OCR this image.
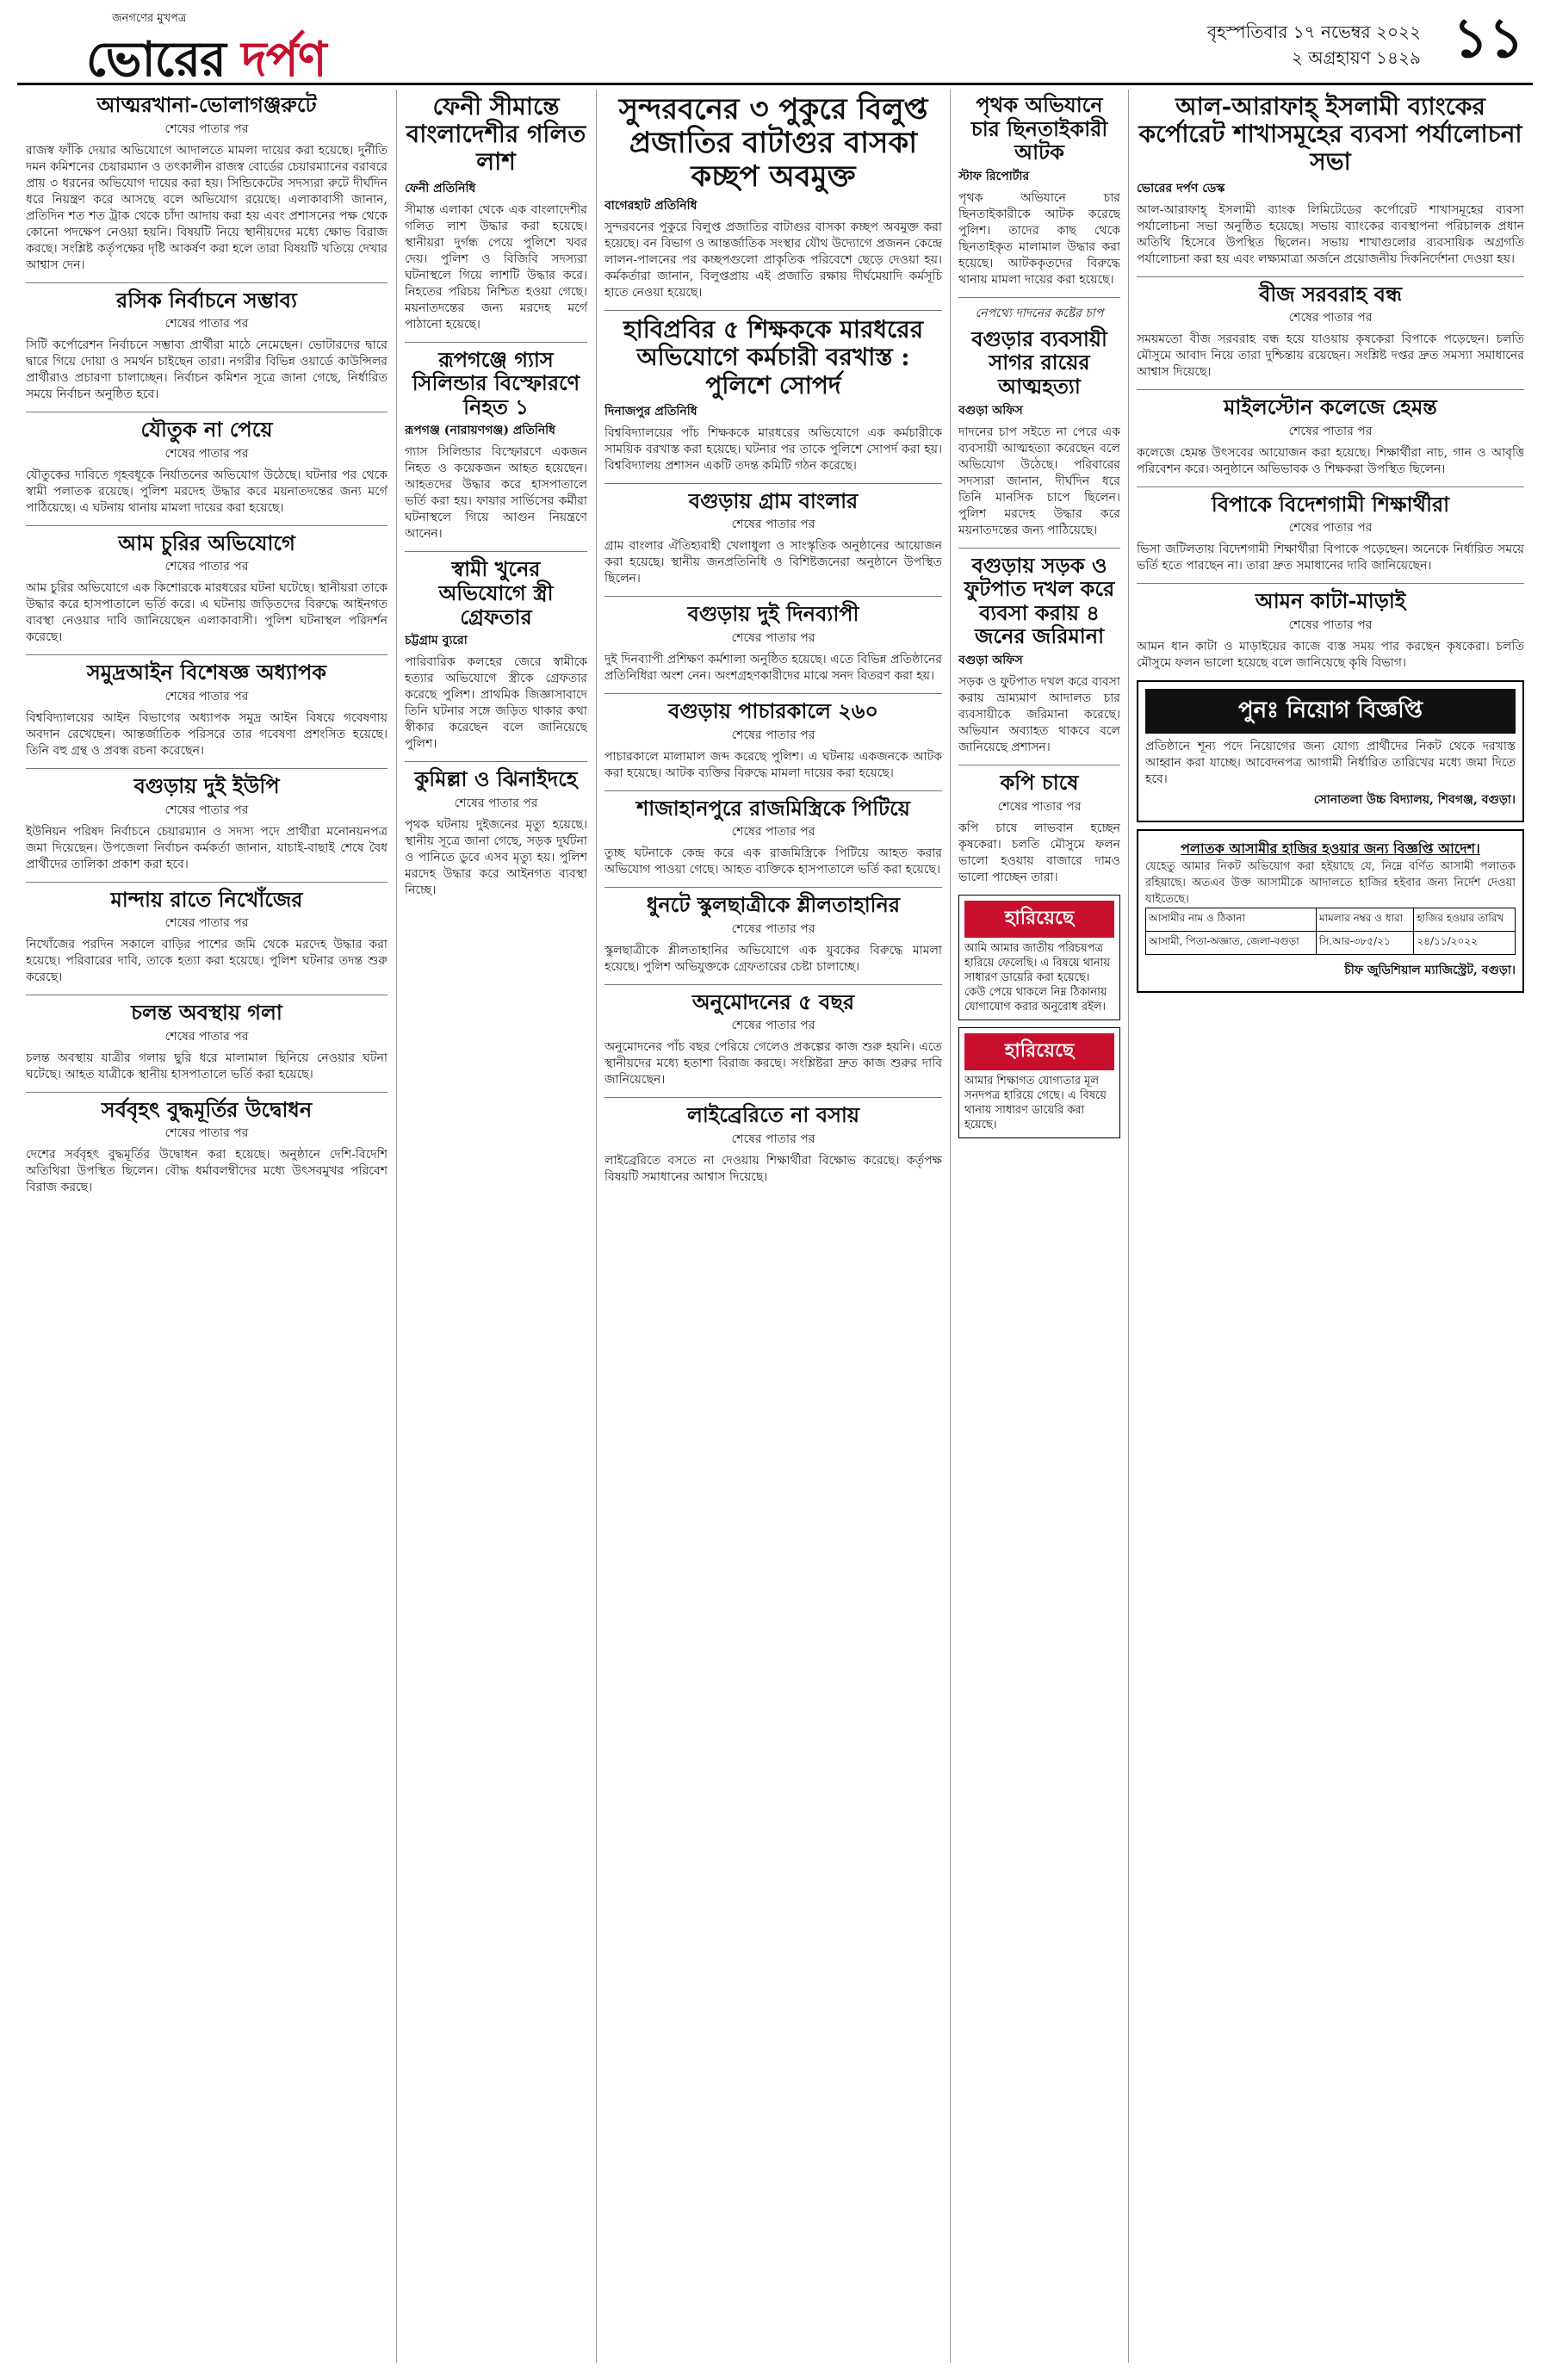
জনগণের মুখপত্র
ভোরের দর্পণ	বৃহস্পতিবার ১৭ নভেম্বর ২০২২
২ অগ্রহায়ণ ১৪২৯ ১১
আত্মরখানা-ভোলাগঞ্জরুটে
শেষের পাতার পর

রাজস্ব ফাঁকি দেয়ার অভিযোগে আদালতে মামলা দায়ের করা হয়েছে। দুর্নীতি দমন কমিশনের চেয়ারম্যান ও তৎকালীন রাজস্ব বোর্ডের চেয়ারম্যানের বরাবরে প্রায় ৩ ধরনের অভিযোগ দায়ের করা হয়। সিন্ডিকেটের সদস্যরা রুটে দীর্ঘদিন ধরে নিয়ন্ত্রণ করে আসছে বলে অভিযোগ রয়েছে। এলাকাবাসী জানান, প্রতিদিন শত শত ট্রাক থেকে চাঁদা আদায় করা হয় এবং প্রশাসনের পক্ষ থেকে কোনো পদক্ষেপ নেওয়া হয়নি। বিষয়টি নিয়ে স্থানীয়দের মধ্যে ক্ষোভ বিরাজ করছে। সংশ্লিষ্ট কর্তৃপক্ষের দৃষ্টি আকর্ষণ করা হলে তারা বিষয়টি খতিয়ে দেখার আশ্বাস দেন।

রসিক নির্বাচনে সম্ভাব্য
শেষের পাতার পর

সিটি কর্পোরেশন নির্বাচনে সম্ভাব্য প্রার্থীরা মাঠে নেমেছেন। ভোটারদের দ্বারে দ্বারে গিয়ে দোয়া ও সমর্থন চাইছেন তারা। নগরীর বিভিন্ন ওয়ার্ডে কাউন্সিলর প্রার্থীরাও প্রচারণা চালাচ্ছেন। নির্বাচন কমিশন সূত্রে জানা গেছে, নির্ধারিত সময়ে নির্বাচন অনুষ্ঠিত হবে।

যৌতুক না পেয়ে
শেষের পাতার পর

যৌতুকের দাবিতে গৃহবধূকে নির্যাতনের অভিযোগ উঠেছে। ঘটনার পর থেকে স্বামী পলাতক রয়েছে। পুলিশ মরদেহ উদ্ধার করে ময়নাতদন্তের জন্য মর্গে পাঠিয়েছে। এ ঘটনায় থানায় মামলা দায়ের করা হয়েছে।

আম চুরির অভিযোগে
শেষের পাতার পর

আম চুরির অভিযোগে এক কিশোরকে মারধরের ঘটনা ঘটেছে। স্থানীয়রা তাকে উদ্ধার করে হাসপাতালে ভর্তি করে। এ ঘটনায় জড়িতদের বিরুদ্ধে আইনগত ব্যবস্থা নেওয়ার দাবি জানিয়েছেন এলাকাবাসী। পুলিশ ঘটনাস্থল পরিদর্শন করেছে।

সমুদ্রআইন বিশেষজ্ঞ অধ্যাপক
শেষের পাতার পর

বিশ্ববিদ্যালয়ের আইন বিভাগের অধ্যাপক সমুদ্র আইন বিষয়ে গবেষণায় অবদান রেখেছেন। আন্তর্জাতিক পরিসরে তার গবেষণা প্রশংসিত হয়েছে। তিনি বহু গ্রন্থ ও প্রবন্ধ রচনা করেছেন।

বগুড়ায় দুই ইউপি
শেষের পাতার পর

ইউনিয়ন পরিষদ নির্বাচনে চেয়ারম্যান ও সদস্য পদে প্রার্থীরা মনোনয়নপত্র জমা দিয়েছেন। উপজেলা নির্বাচন কর্মকর্তা জানান, যাচাই-বাছাই শেষে বৈধ প্রার্থীদের তালিকা প্রকাশ করা হবে।

মান্দায় রাতে নিখোঁজের
শেষের পাতার পর

নিখোঁজের পরদিন সকালে বাড়ির পাশের জমি থেকে মরদেহ উদ্ধার করা হয়েছে। পরিবারের দাবি, তাকে হত্যা করা হয়েছে। পুলিশ ঘটনার তদন্ত শুরু করেছে।

চলন্ত অবস্থায় গলা
শেষের পাতার পর

চলন্ত অবস্থায় যাত্রীর গলায় ছুরি ধরে মালামাল ছিনিয়ে নেওয়ার ঘটনা ঘটেছে। আহত যাত্রীকে স্থানীয় হাসপাতালে ভর্তি করা হয়েছে।

সর্ববৃহৎ বুদ্ধমূর্তির উদ্বোধন
শেষের পাতার পর

দেশের সর্ববৃহৎ বুদ্ধমূর্তির উদ্বোধন করা হয়েছে। অনুষ্ঠানে দেশি-বিদেশি অতিথিরা উপস্থিত ছিলেন। বৌদ্ধ ধর্মাবলম্বীদের মধ্যে উৎসবমুখর পরিবেশ বিরাজ করছে।

ফেনী সীমান্তে বাংলাদেশীর গলিত লাশ
ফেনী প্রতিনিধি

সীমান্ত এলাকা থেকে এক বাংলাদেশীর গলিত লাশ উদ্ধার করা হয়েছে। স্থানীয়রা দুর্গন্ধ পেয়ে পুলিশে খবর দেয়। পুলিশ ও বিজিবি সদস্যরা ঘটনাস্থলে গিয়ে লাশটি উদ্ধার করে। নিহতের পরিচয় নিশ্চিত হওয়া গেছে। ময়নাতদন্তের জন্য মরদেহ মর্গে পাঠানো হয়েছে।

রূপগঞ্জে গ্যাস সিলিন্ডার বিস্ফোরণে নিহত ১
রূপগঞ্জ (নারায়ণগঞ্জ) প্রতিনিধি

গ্যাস সিলিন্ডার বিস্ফোরণে একজন নিহত ও কয়েকজন আহত হয়েছেন। আহতদের উদ্ধার করে হাসপাতালে ভর্তি করা হয়। ফায়ার সার্ভিসের কর্মীরা ঘটনাস্থলে গিয়ে আগুন নিয়ন্ত্রণে আনেন।

স্বামী খুনের অভিযোগে স্ত্রী গ্রেফতার
চট্টগ্রাম ব্যুরো

পারিবারিক কলহের জেরে স্বামীকে হত্যার অভিযোগে স্ত্রীকে গ্রেফতার করেছে পুলিশ। প্রাথমিক জিজ্ঞাসাবাদে তিনি ঘটনার সঙ্গে জড়িত থাকার কথা স্বীকার করেছেন বলে জানিয়েছে পুলিশ।

কুমিল্লা ও ঝিনাইদহে
শেষের পাতার পর

পৃথক ঘটনায় দুইজনের মৃত্যু হয়েছে। স্থানীয় সূত্রে জানা গেছে, সড়ক দুর্ঘটনা ও পানিতে ডুবে এসব মৃত্যু হয়। পুলিশ মরদেহ উদ্ধার করে আইনগত ব্যবস্থা নিচ্ছে।

সুন্দরবনের ৩ পুকুরে বিলুপ্ত প্রজাতির বাটাগুর বাসকা কচ্ছপ অবমুক্ত
বাগেরহাট প্রতিনিধি

সুন্দরবনের পুকুরে বিলুপ্ত প্রজাতির বাটাগুর বাসকা কচ্ছপ অবমুক্ত করা হয়েছে। বন বিভাগ ও আন্তর্জাতিক সংস্থার যৌথ উদ্যোগে প্রজনন কেন্দ্রে লালন-পালনের পর কচ্ছপগুলো প্রাকৃতিক পরিবেশে ছেড়ে দেওয়া হয়। কর্মকর্তারা জানান, বিলুপ্তপ্রায় এই প্রজাতি রক্ষায় দীর্ঘমেয়াদি কর্মসূচি হাতে নেওয়া হয়েছে।

হাবিপ্রবির ৫ শিক্ষককে মারধরের অভিযোগে কর্মচারী বরখাস্ত : পুলিশে সোপর্দ
দিনাজপুর প্রতিনিধি

বিশ্ববিদ্যালয়ের পাঁচ শিক্ষককে মারধরের অভিযোগে এক কর্মচারীকে সাময়িক বরখাস্ত করা হয়েছে। ঘটনার পর তাকে পুলিশে সোপর্দ করা হয়। বিশ্ববিদ্যালয় প্রশাসন একটি তদন্ত কমিটি গঠন করেছে।

বগুড়ায় গ্রাম বাংলার
শেষের পাতার পর

গ্রাম বাংলার ঐতিহ্যবাহী খেলাধুলা ও সাংস্কৃতিক অনুষ্ঠানের আয়োজন করা হয়েছে। স্থানীয় জনপ্রতিনিধি ও বিশিষ্টজনেরা অনুষ্ঠানে উপস্থিত ছিলেন।

বগুড়ায় দুই দিনব্যাপী
শেষের পাতার পর

দুই দিনব্যাপী প্রশিক্ষণ কর্মশালা অনুষ্ঠিত হয়েছে। এতে বিভিন্ন প্রতিষ্ঠানের প্রতিনিধিরা অংশ নেন। অংশগ্রহণকারীদের মাঝে সনদ বিতরণ করা হয়।

বগুড়ায় পাচারকালে ২৬০
শেষের পাতার পর

পাচারকালে মালামাল জব্দ করেছে পুলিশ। এ ঘটনায় একজনকে আটক করা হয়েছে। আটক ব্যক্তির বিরুদ্ধে মামলা দায়ের করা হয়েছে।

শাজাহানপুরে রাজমিস্ত্রিকে পিটিয়ে
শেষের পাতার পর

তুচ্ছ ঘটনাকে কেন্দ্র করে এক রাজমিস্ত্রিকে পিটিয়ে আহত করার অভিযোগ পাওয়া গেছে। আহত ব্যক্তিকে হাসপাতালে ভর্তি করা হয়েছে।

ধুনটে স্কুলছাত্রীকে শ্লীলতাহানির
শেষের পাতার পর

স্কুলছাত্রীকে শ্লীলতাহানির অভিযোগে এক যুবকের বিরুদ্ধে মামলা হয়েছে। পুলিশ অভিযুক্তকে গ্রেফতারের চেষ্টা চালাচ্ছে।

অনুমোদনের ৫ বছর
শেষের পাতার পর

অনুমোদনের পাঁচ বছর পেরিয়ে গেলেও প্রকল্পের কাজ শুরু হয়নি। এতে স্থানীয়দের মধ্যে হতাশা বিরাজ করছে। সংশ্লিষ্টরা দ্রুত কাজ শুরুর দাবি জানিয়েছেন।

লাইব্রেরিতে না বসায়
শেষের পাতার পর

লাইব্রেরিতে বসতে না দেওয়ায় শিক্ষার্থীরা বিক্ষোভ করেছে। কর্তৃপক্ষ বিষয়টি সমাধানের আশ্বাস দিয়েছে।

পৃথক অভিযানে চার ছিনতাইকারী আটক
স্টাফ রিপোর্টার

পৃথক অভিযানে চার ছিনতাইকারীকে আটক করেছে পুলিশ। তাদের কাছ থেকে ছিনতাইকৃত মালামাল উদ্ধার করা হয়েছে। আটককৃতদের বিরুদ্ধে থানায় মামলা দায়ের করা হয়েছে।

নেপথ্যে দাদনের কষ্টের চাপ
বগুড়ার ব্যবসায়ী সাগর রায়ের আত্মহত্যা
বগুড়া অফিস

দাদনের চাপ সইতে না পেরে এক ব্যবসায়ী আত্মহত্যা করেছেন বলে অভিযোগ উঠেছে। পরিবারের সদস্যরা জানান, দীর্ঘদিন ধরে তিনি মানসিক চাপে ছিলেন। পুলিশ মরদেহ উদ্ধার করে ময়নাতদন্তের জন্য পাঠিয়েছে।

বগুড়ায় সড়ক ও ফুটপাত দখল করে ব্যবসা করায় ৪ জনের জরিমানা
বগুড়া অফিস

সড়ক ও ফুটপাত দখল করে ব্যবসা করায় ভ্রাম্যমাণ আদালত চার ব্যবসায়ীকে জরিমানা করেছে। অভিযান অব্যাহত থাকবে বলে জানিয়েছে প্রশাসন।

কপি চাষে
শেষের পাতার পর

কপি চাষে লাভবান হচ্ছেন কৃষকেরা। চলতি মৌসুমে ফলন ভালো হওয়ায় বাজারে দামও ভালো পাচ্ছেন তারা।

হারিয়েছে
আমি আমার জাতীয় পরিচয়পত্র হারিয়ে ফেলেছি। এ বিষয়ে থানায় সাধারণ ডায়েরি করা হয়েছে। কেউ পেয়ে থাকলে নিম্ন ঠিকানায় যোগাযোগ করার অনুরোধ রইল।
হারিয়েছে
আমার শিক্ষাগত যোগ্যতার মূল সনদপত্র হারিয়ে গেছে। এ বিষয়ে থানায় সাধারণ ডায়েরি করা হয়েছে।
আল-আরাফাহ্ ইসলামী ব্যাংকের কর্পোরেট শাখাসমূহের ব্যবসা পর্যালোচনা সভা
ভোরের দর্পণ ডেস্ক

আল-আরাফাহ্ ইসলামী ব্যাংক লিমিটেডের কর্পোরেট শাখাসমূহের ব্যবসা পর্যালোচনা সভা অনুষ্ঠিত হয়েছে। সভায় ব্যাংকের ব্যবস্থাপনা পরিচালক প্রধান অতিথি হিসেবে উপস্থিত ছিলেন। সভায় শাখাগুলোর ব্যবসায়িক অগ্রগতি পর্যালোচনা করা হয় এবং লক্ষ্যমাত্রা অর্জনে প্রয়োজনীয় দিকনির্দেশনা দেওয়া হয়।

বীজ সরবরাহ বন্ধ
শেষের পাতার পর

সময়মতো বীজ সরবরাহ বন্ধ হয়ে যাওয়ায় কৃষকেরা বিপাকে পড়েছেন। চলতি মৌসুমে আবাদ নিয়ে তারা দুশ্চিন্তায় রয়েছেন। সংশ্লিষ্ট দপ্তর দ্রুত সমস্যা সমাধানের আশ্বাস দিয়েছে।

মাইলস্টোন কলেজে হেমন্ত
শেষের পাতার পর

কলেজে হেমন্ত উৎসবের আয়োজন করা হয়েছে। শিক্ষার্থীরা নাচ, গান ও আবৃত্তি পরিবেশন করে। অনুষ্ঠানে অভিভাবক ও শিক্ষকরা উপস্থিত ছিলেন।

বিপাকে বিদেশগামী শিক্ষার্থীরা
শেষের পাতার পর

ভিসা জটিলতায় বিদেশগামী শিক্ষার্থীরা বিপাকে পড়েছেন। অনেকে নির্ধারিত সময়ে ভর্তি হতে পারছেন না। তারা দ্রুত সমাধানের দাবি জানিয়েছেন।

আমন কাটা-মাড়াই
শেষের পাতার পর

আমন ধান কাটা ও মাড়াইয়ের কাজে ব্যস্ত সময় পার করছেন কৃষকেরা। চলতি মৌসুমে ফলন ভালো হয়েছে বলে জানিয়েছে কৃষি বিভাগ।

পুনঃ নিয়োগ বিজ্ঞপ্তি

প্রতিষ্ঠানে শূন্য পদে নিয়োগের জন্য যোগ্য প্রার্থীদের নিকট থেকে দরখাস্ত আহ্বান করা যাচ্ছে। আবেদনপত্র আগামী নির্ধারিত তারিখের মধ্যে জমা দিতে হবে।

সোনাতলা উচ্চ বিদ্যালয়, শিবগঞ্জ, বগুড়া।
পলাতক আসামীর হাজির হওয়ার জন্য বিজ্ঞপ্তি আদেশ।

যেহেতু আমার নিকট অভিযোগ করা হইয়াছে যে, নিম্নে বর্ণিত আসামী পলাতক রহিয়াছে। অতএব উক্ত আসামীকে আদালতে হাজির হইবার জন্য নির্দেশ দেওয়া যাইতেছে।

আসামীর নাম ও ঠিকানা	মামলার নম্বর ও ধারা	হাজির হওয়ার তারিখ
আসামী, পিতা-অজ্ঞাত, জেলা-বগুড়া	সি.আর-৩৮৫/২১	২৪/১১/২০২২
চীফ জুডিশিয়াল ম্যাজিস্ট্রেট, বগুড়া।
